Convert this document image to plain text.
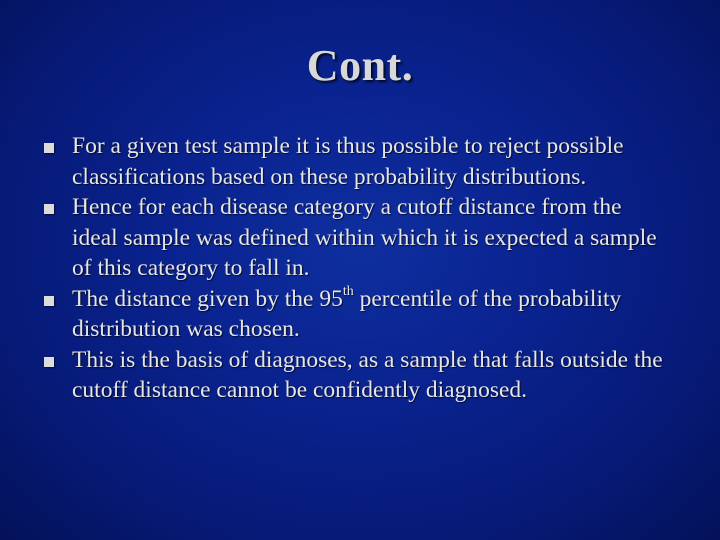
Cont.
For a given test sample it is thus possible to reject possible classifications based on these probability distributions.
Hence for each disease category a cutoff distance from the ideal sample was defined within which it is expected a sample of this category to fall in.
The distance given by the 95th percentile of the probability distribution was chosen.
This is the basis of diagnoses, as a sample that falls outside the cutoff distance cannot be confidently diagnosed.
